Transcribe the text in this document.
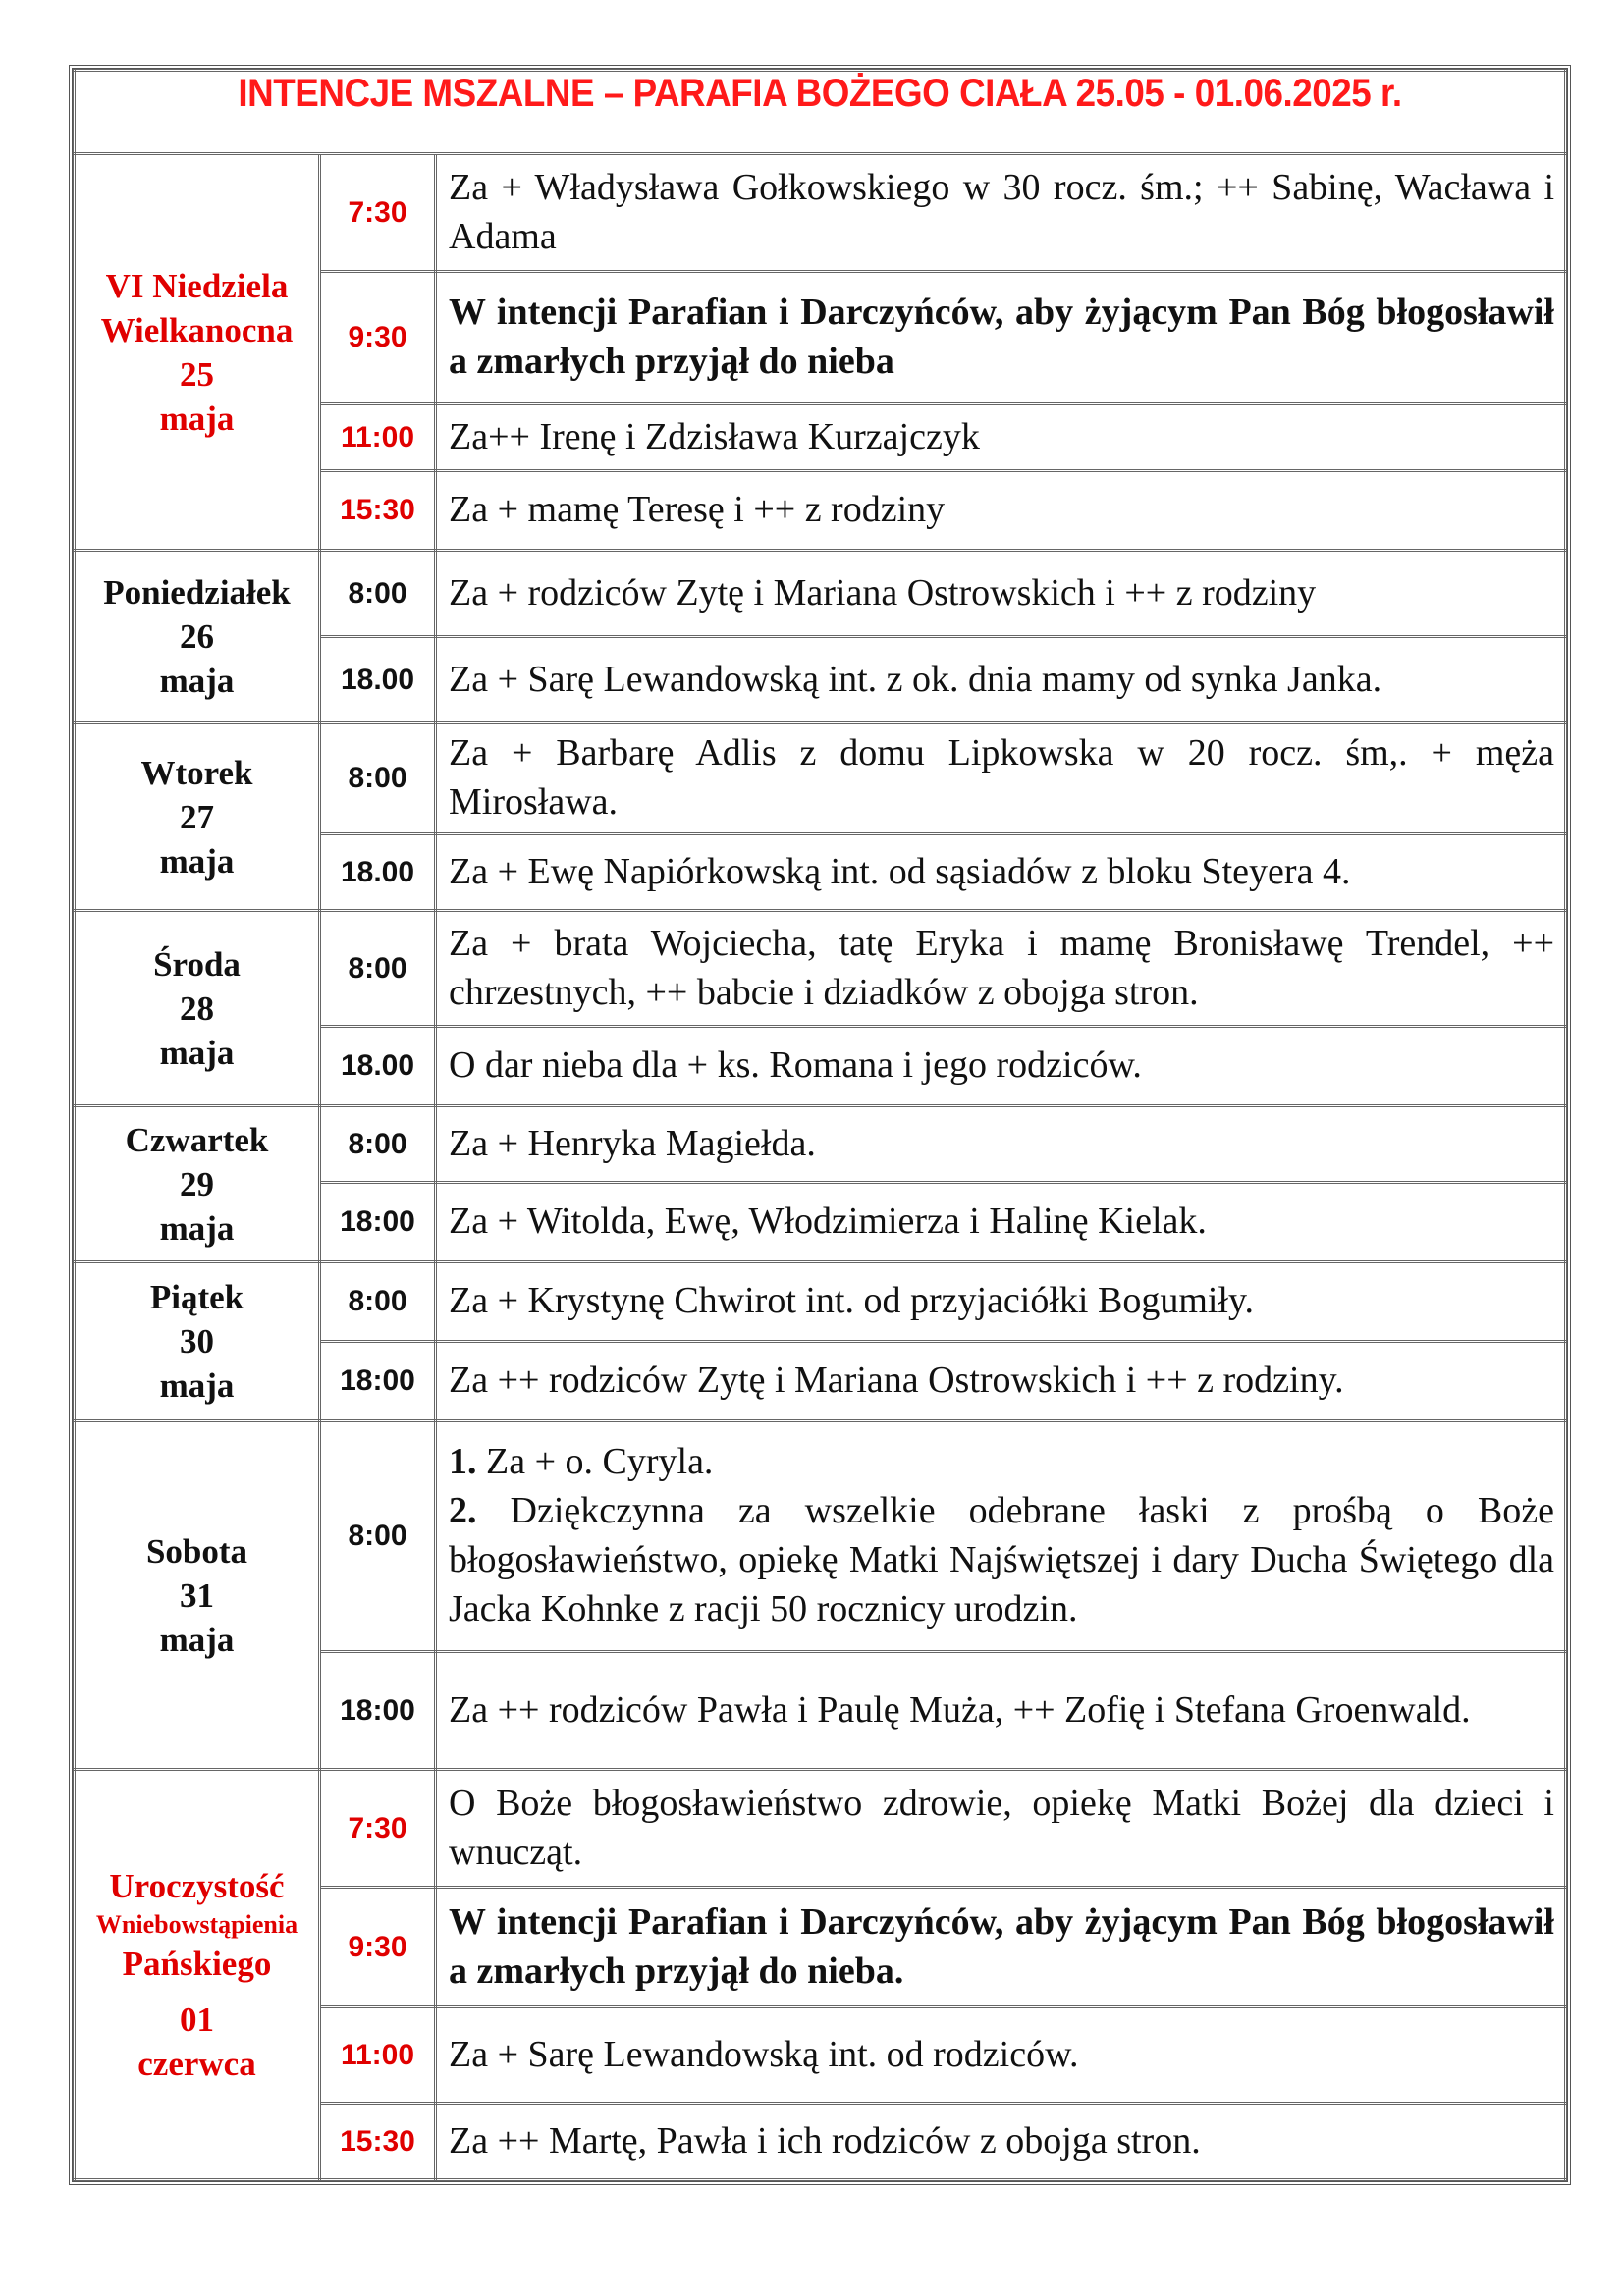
INTENCJE MSZALNE – PARAFIA BOŻEGO CIAŁA 25.05 - 01.06.2025 r.		

VI Niedziela
Wielkanocna
25
maja	7:30	Za + Władysława Gołkowskiego w 30 rocz. śm.; ++ Sabinę, Wacława i Adama
	9:30	W intencji Parafian i Darczyńców, aby żyjącym Pan Bóg błogosławił a zmarłych przyjął do nieba
	11:00	Za++ Irenę i Zdzisława Kurzajczyk
	15:30	Za + mamę Teresę i ++ z rodziny

Poniedziałek
26
maja	8:00	Za + rodziców Zytę i Mariana Ostrowskich i ++ z rodziny
	18.00	Za + Sarę Lewandowską int. z ok. dnia mamy od synka Janka.

Wtorek
27
maja	8:00	Za + Barbarę Adlis z domu Lipkowska w 20 rocz. śm,. + męża Mirosława.
	18.00	Za + Ewę Napiórkowską int. od sąsiadów z bloku Steyera 4.

Środa
28
maja	8:00	Za + brata Wojciecha, tatę Eryka i mamę Bronisławę Trendel, ++ chrzestnych, ++ babcie i dziadków z obojga stron.
	18.00	O dar nieba dla + ks. Romana i jego rodziców.

Czwartek
29
maja	8:00	Za + Henryka Magiełda.
	18:00	Za + Witolda, Ewę, Włodzimierza i Halinę Kielak.

Piątek
30
maja	8:00	Za + Krystynę Chwirot int. od przyjaciółki Bogumiły.
	18:00	Za ++ rodziców Zytę i Mariana Ostrowskich i ++ z rodziny.

Sobota
31
maja	8:00	1. Za + o. Cyryla.
2. Dziękczynna za wszelkie odebrane łaski z prośbą o Boże błogosławieństwo, opiekę Matki Najświętszej i dary Ducha Świętego dla Jacka Kohnke z racji 50 rocznicy urodzin.

	18:00	Za ++ rodziców Pawła i Paulę Muża, ++ Zofię i Stefana Groenwald.

Uroczystość
Wniebowstąpienia
Pańskiego
01
czerwca	7:30	O Boże błogosławieństwo zdrowie, opiekę Matki Bożej dla dzieci i wnucząt.
	9:30	W intencji Parafian i Darczyńców, aby żyjącym Pan Bóg błogosławił a zmarłych przyjął do nieba.
	11:00	Za + Sarę Lewandowską int. od rodziców.
	15:30	Za ++ Martę, Pawła i ich rodziców z obojga stron.
